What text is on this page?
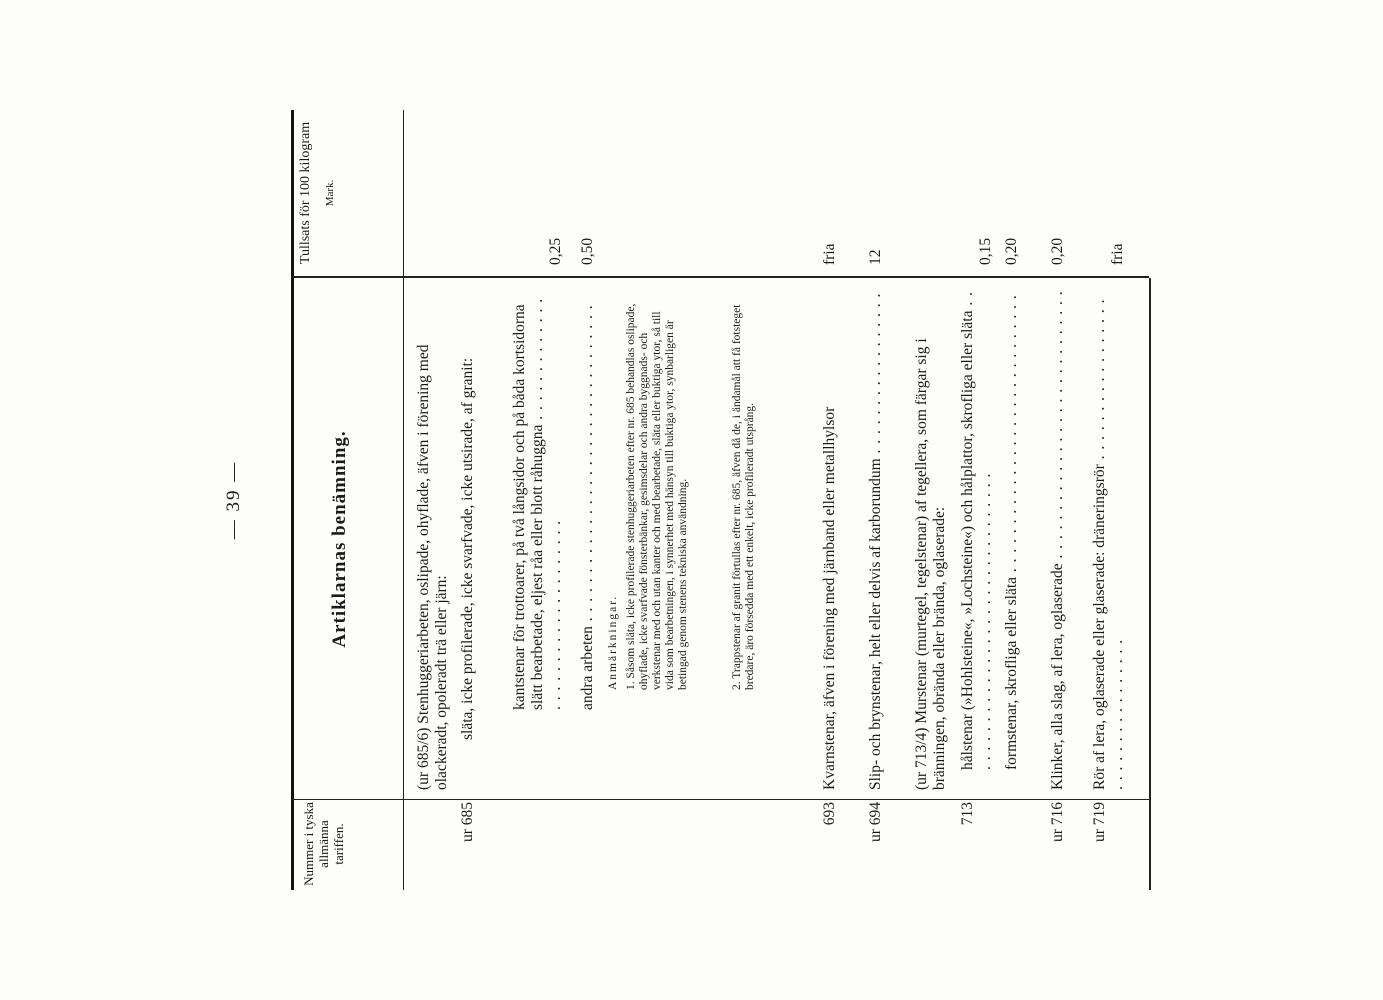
— 39 —
Nummer i tyska allmänna tariffen.
Artiklarnas benämning.
Tullsats för 100 kilogram Mark.
(ur 685/6) Stenhuggeriarbeten, oslipade, ohyflade, äfven i förening med olackeradt, opoleradt trä eller järn:
ur 685
släta, icke profilerade, icke svarfvade, icke utsirade, af granit: kantstenar för trottoarer, på två långsidor och på båda kortsidorna slätt bearbetade, eljest råa eller blott råhuggna . . .
0,25
andra arbeten . . .
0,50
Anmärkningar. 1. Såsom släta, icke profilerade stenhuggeriarbeten efter nr. 685 behandlas oslipade, ohyflade, icke svarfvade fönsterbänkar, gesimsdelar och andra byggnads- och verkstenar med och utan kanter och med bearbetade, släta eller buktiga ytor, så till vida som bearbetningen, i synnerhet med hänsyn till buktiga ytor, synbarligen är betingad genom stenens tekniska användning.	2. Trappstenar af granit förtullas efter nr. 685, äfven då de, i ändamål att få fotsteget bredare, äro försedda med ett enkelt, icke profileradt utsprång.
693
Kvarnstenar, äfven i förening med järnband eller metallhylsor
fria
ur 694
Slip- och brynstenar, helt eller delvis af karborundum . . .
12
(ur 713/4) Murstenar (murtegel, tegelstenar) af tegellera, som färgar sig i bränningen, obrända eller brända, oglaserade:
713
hålstenar (»Hohlsteine«, »Lochsteine«) och hålplattor, skrofliga eller släta . . .
0,15
formstenar, skrofliga eller släta . . .
0,20
ur 716
Klinker, alla slag, af lera, oglaserade . . .
0,20
ur 719
Rör af lera, oglaserade eller glaserade: dräneringsrör . . .
fria
